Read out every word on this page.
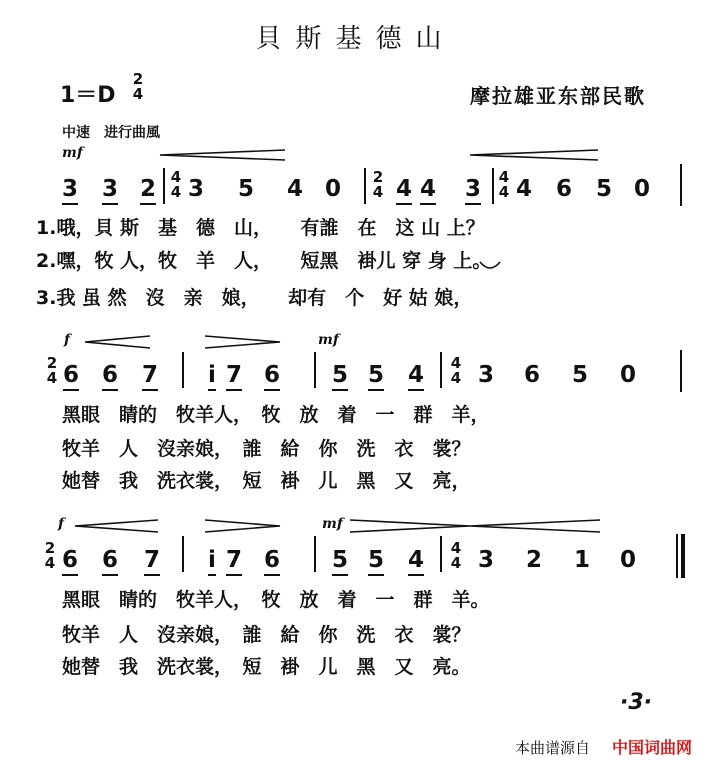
貝斯基德山
1＝D
2
4	摩拉雄亚东部民歌
中速　进行曲風
mf
3 3 2 4
4 3 5 4 0 2
4 4 4 3 4
4 4 6 5 0
1.哦，貝 斯　基　德　山，　　有誰　在　这 山 上？
2.嘿，牧 人，牧　羊　人，　　短黑　褂儿 穿 身 上。
3.我 虽 然　沒　亲　娘，　　却有　个　好 姑 娘，
f	mf
2
4 6 6 7 i 7 6 5 5 4 4
4 3 6 5 0
黑眼　睛的　牧羊人，　牧　放　着　一　群　羊，
牧羊　人　沒亲娘，　誰　給　你　洗　衣　裳？
她替　我　洗衣裳，　短　褂　儿　黑　又　亮，
f	mf
2
4 6 6 7 i 7 6 5 5 4 4
4 3 2 1 0
黑眼　睛的　牧羊人，　牧　放　着　一　群　羊。
牧羊　人　沒亲娘，　誰　給　你　洗　衣　裳？
她替　我　洗衣裳，　短　褂　儿　黑　又　亮。
·3·
本曲谱源自 中国词曲网
